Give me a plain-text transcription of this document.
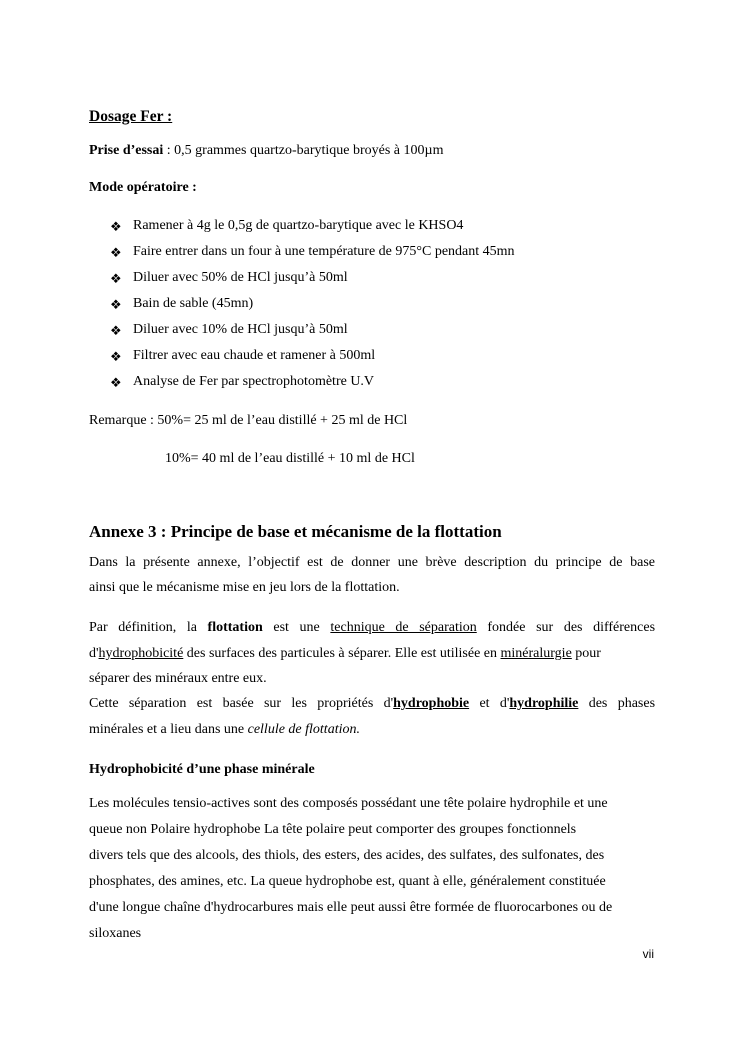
Dosage Fer :
Prise d’essai : 0,5 grammes quartzo-barytique broyés à 100µm
Mode opératoire :
❖ Ramener à 4g le 0,5g de quartzo-barytique avec le KHSO4
❖ Faire entrer dans un four à une température de 975°C pendant 45mn
❖ Diluer avec 50% de HCl jusqu’à 50ml
❖ Bain de sable (45mn)
❖ Diluer avec 10% de HCl jusqu’à 50ml
❖ Filtrer avec eau chaude et ramener à 500ml
❖ Analyse de Fer par spectrophotomètre U.V
Remarque : 50%= 25 ml de l’eau distillé + 25 ml de HCl
10%= 40 ml de l’eau distillé + 10 ml de HCl
Annexe 3 : Principe de base et mécanisme de la flottation
Dans la présente annexe, l’objectif est de donner une brève description du principe de base
ainsi que le mécanisme mise en jeu lors de la flottation.
Par définition, la flottation est une technique de séparation fondée sur des différences
d'hydrophobicité des surfaces des particules à séparer. Elle est utilisée en minéralurgie pour
séparer des minéraux entre eux.
Cette séparation est basée sur les propriétés d'hydrophobie et d'hydrophilie des phases
minérales et a lieu dans une cellule de flottation.
Hydrophobicité d’une phase minérale
Les molécules tensio-actives sont des composés possédant une tête polaire hydrophile et une
queue non Polaire hydrophobe La tête polaire peut comporter des groupes fonctionnels
divers tels que des alcools, des thiols, des esters, des acides, des sulfates, des sulfonates, des
phosphates, des amines, etc. La queue hydrophobe est, quant à elle, généralement constituée
d'une longue chaîne d'hydrocarbures mais elle peut aussi être formée de fluorocarbones ou de
siloxanes
vii
